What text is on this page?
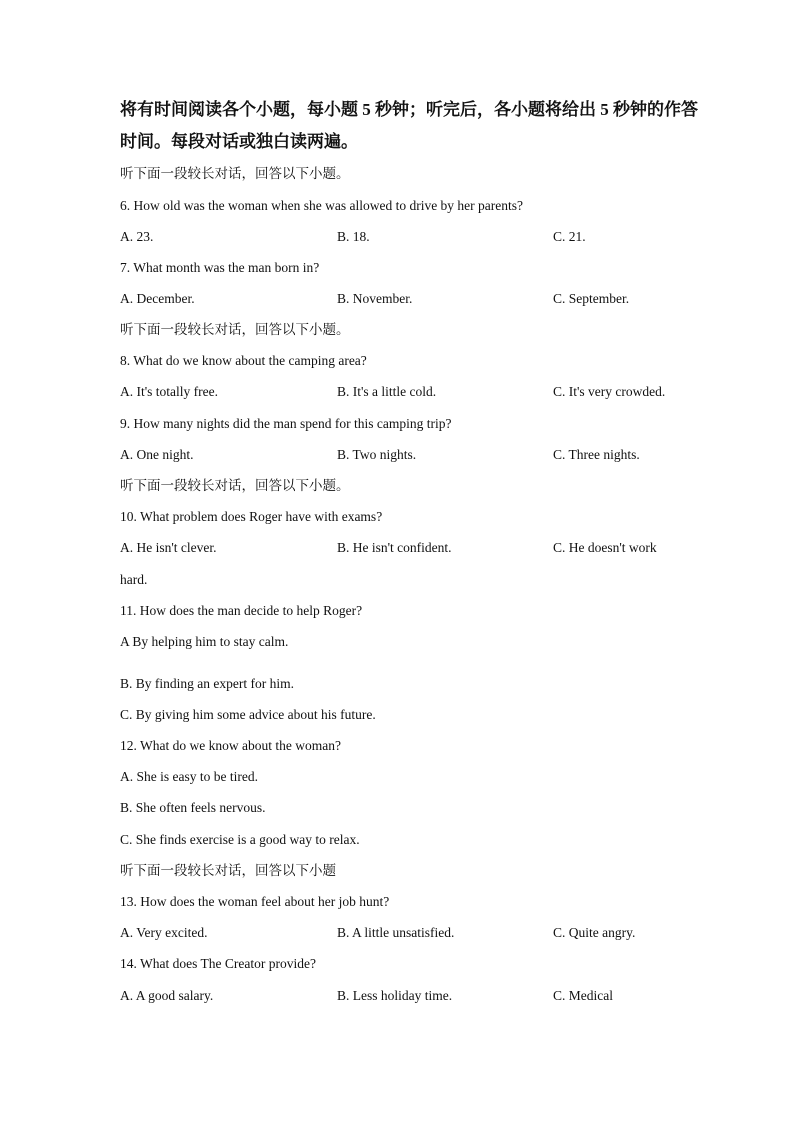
将有时间阅读各个小题，每小题 5 秒钟；听完后，各小题将给出 5 秒钟的作答
时间。每段对话或独白读两遍。
听下面一段较长对话，回答以下小题。
6. How old was the woman when she was allowed to drive by her parents?
A. 23.	B. 18.	C. 21.
7. What month was the man born in?
A. December.	B. November.	C. September.
听下面一段较长对话，回答以下小题。
8. What do we know about the camping area?
A. It's totally free.	B. It's a little cold.	C. It's very crowded.
9. How many nights did the man spend for this camping trip?
A. One night.	B. Two nights.	C. Three nights.
听下面一段较长对话，回答以下小题。
10. What problem does Roger have with exams?
A. He isn't clever.	B. He isn't confident.	C. He doesn't work
hard.
11. How does the man decide to help Roger?
A By helping him to stay calm.
B. By finding an expert for him.
C. By giving him some advice about his future.
12. What do we know about the woman?
A. She is easy to be tired.
B. She often feels nervous.
C. She finds exercise is a good way to relax.
听下面一段较长对话，回答以下小题
13. How does the woman feel about her job hunt?
A. Very excited.	B. A little unsatisfied.	C. Quite angry.
14. What does The Creator provide?
A. A good salary.	B. Less holiday time.	C. Medical
